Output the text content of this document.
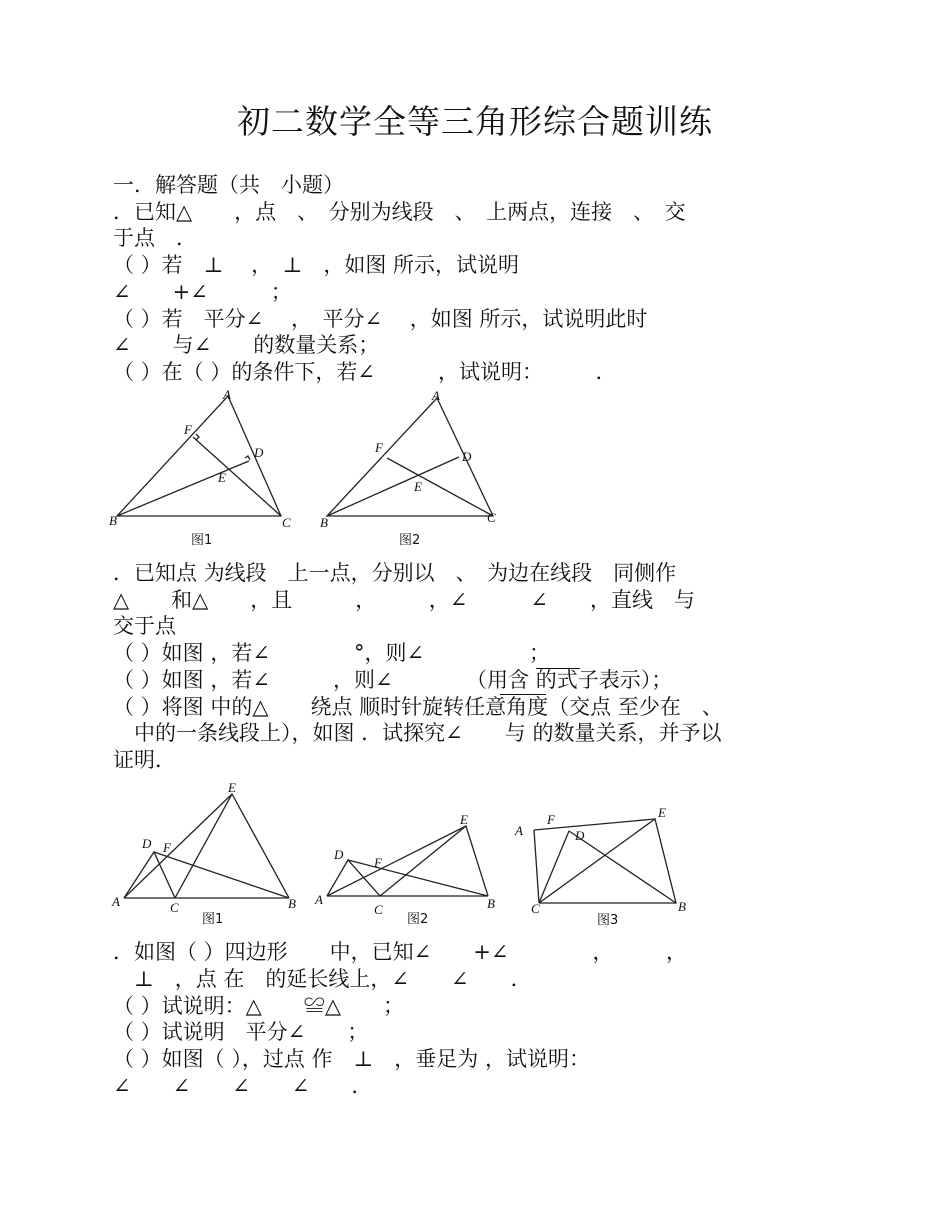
初二数学全等三角形综合题训练
一．解答题（共　小题）
．已知△　　，点　、　分别为线段　、　上两点，连接　、　交
于点　．
（ ）若　⊥　 ，　⊥　，如图 所示，试说明
∠　　+∠　　　；
（ ）若　平分∠　 ，　平分∠　 ，如图 所示，试说明此时
∠　　与∠　　的数量关系；
（ ）在（ ）的条件下，若∠　　　，试说明：　　　．
A
B	C
D
E
F
图1
A
B	C
D
E
F
图2
．已知点 为线段　上一点，分别以　、　为边在线段　同侧作
△　　和△　　，且　　　，　　　，∠　　　∠　　，直线　与
交于点
（ ）如图 ，若∠　　　　°，则∠　　　　　；
（ ）如图 ，若∠　　　，则∠　　　　（用含 的式子表示）；
（ ）将图 中的△　　绕点 顺时针旋转任意角度（交点 至少在　、
　中的一条线段上），如图 ．试探究∠　　与 的数量关系，并予以
证明．
E
D F
A	C	B
图1
E
D
F
A
C	B
图2
A
F
D
E
C	B
图3
．如图（ ）四边形　　中，已知∠　　+∠　　　　，　　　，
　⊥　，点 在　的延长线上，∠　　∠　　．
（ ）试说明：△　　≌△　　；
（ ）试说明　平分∠　　；
（ ）如图（ ），过点 作　⊥　，垂足为 ，试说明：
∠　　∠　　∠　　∠　　．
